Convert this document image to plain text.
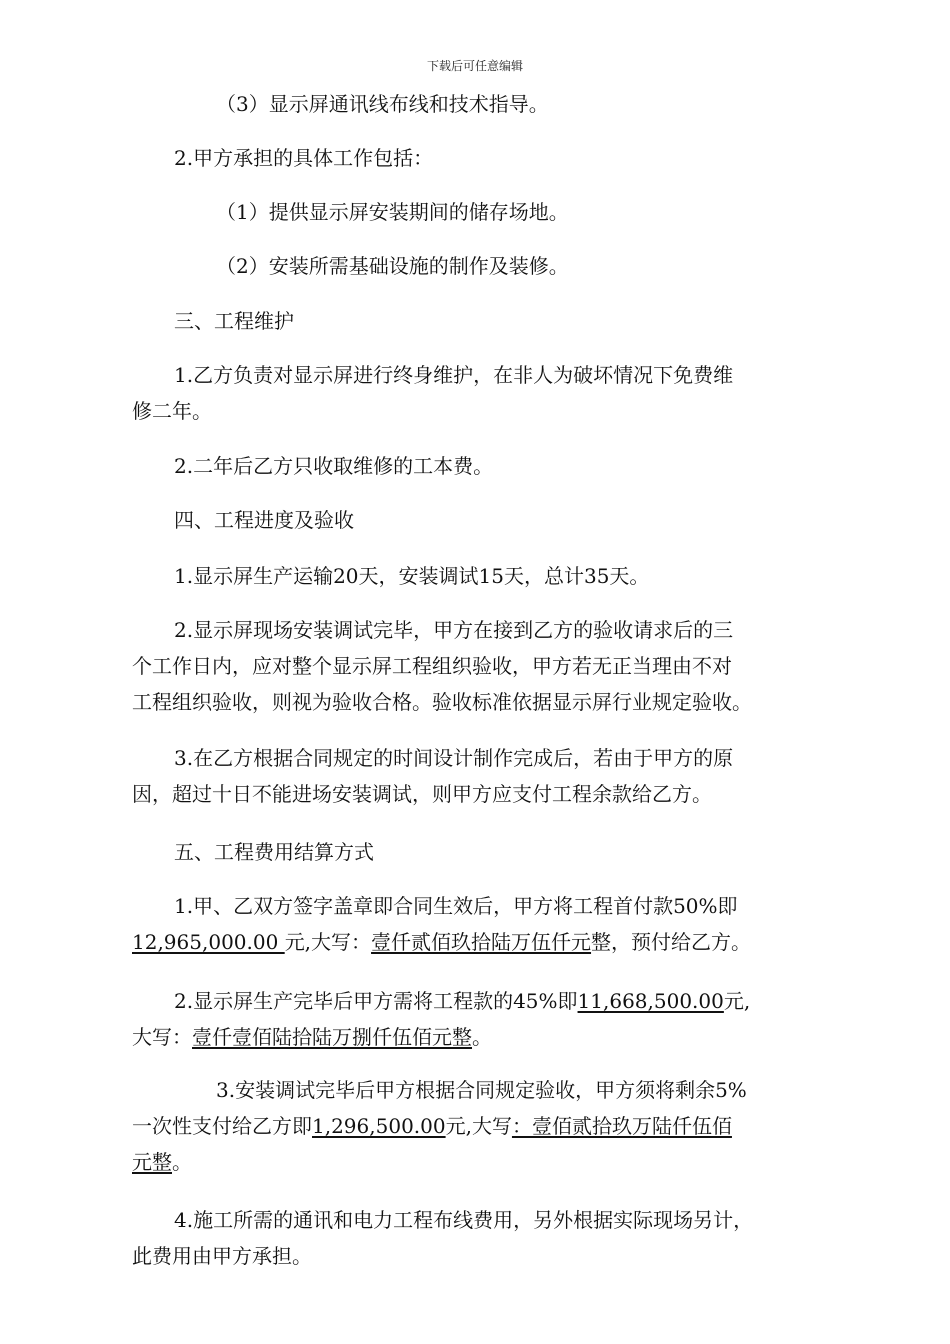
下载后可任意编辑

（3）显示屏通讯线布线和技术指导。

2.甲方承担的具体工作包括：

（1）提供显示屏安装期间的储存场地。

（2）安装所需基础设施的制作及装修。

三、工程维护

1.乙方负责对显示屏进行终身维护，在非人为破坏情况下免费维
修二年。

2.二年后乙方只收取维修的工本费。

四、工程进度及验收

1.显示屏生产运输20天，安装调试15天，总计35天。

2.显示屏现场安装调试完毕，甲方在接到乙方的验收请求后的三
个工作日内，应对整个显示屏工程组织验收，甲方若无正当理由不对
工程组织验收，则视为验收合格。验收标准依据显示屏行业规定验收。

3.在乙方根据合同规定的时间设计制作完成后，若由于甲方的原
因，超过十日不能进场安装调试，则甲方应支付工程余款给乙方。

五、工程费用结算方式

1.甲、乙双方签字盖章即合同生效后，甲方将工程首付款50%即
12,965,000.00 元,大写：壹仟贰佰玖拾陆万伍仟元整，预付给乙方。

2.显示屏生产完毕后甲方需将工程款的45%即11,668,500.00元,
大写：壹仟壹佰陆拾陆万捌仟伍佰元整。

3.安装调试完毕后甲方根据合同规定验收，甲方须将剩余5%
一次性支付给乙方即1,296,500.00元,大写：壹佰贰拾玖万陆仟伍佰
元整。

4.施工所需的通讯和电力工程布线费用，另外根据实际现场另计，
此费用由甲方承担。
